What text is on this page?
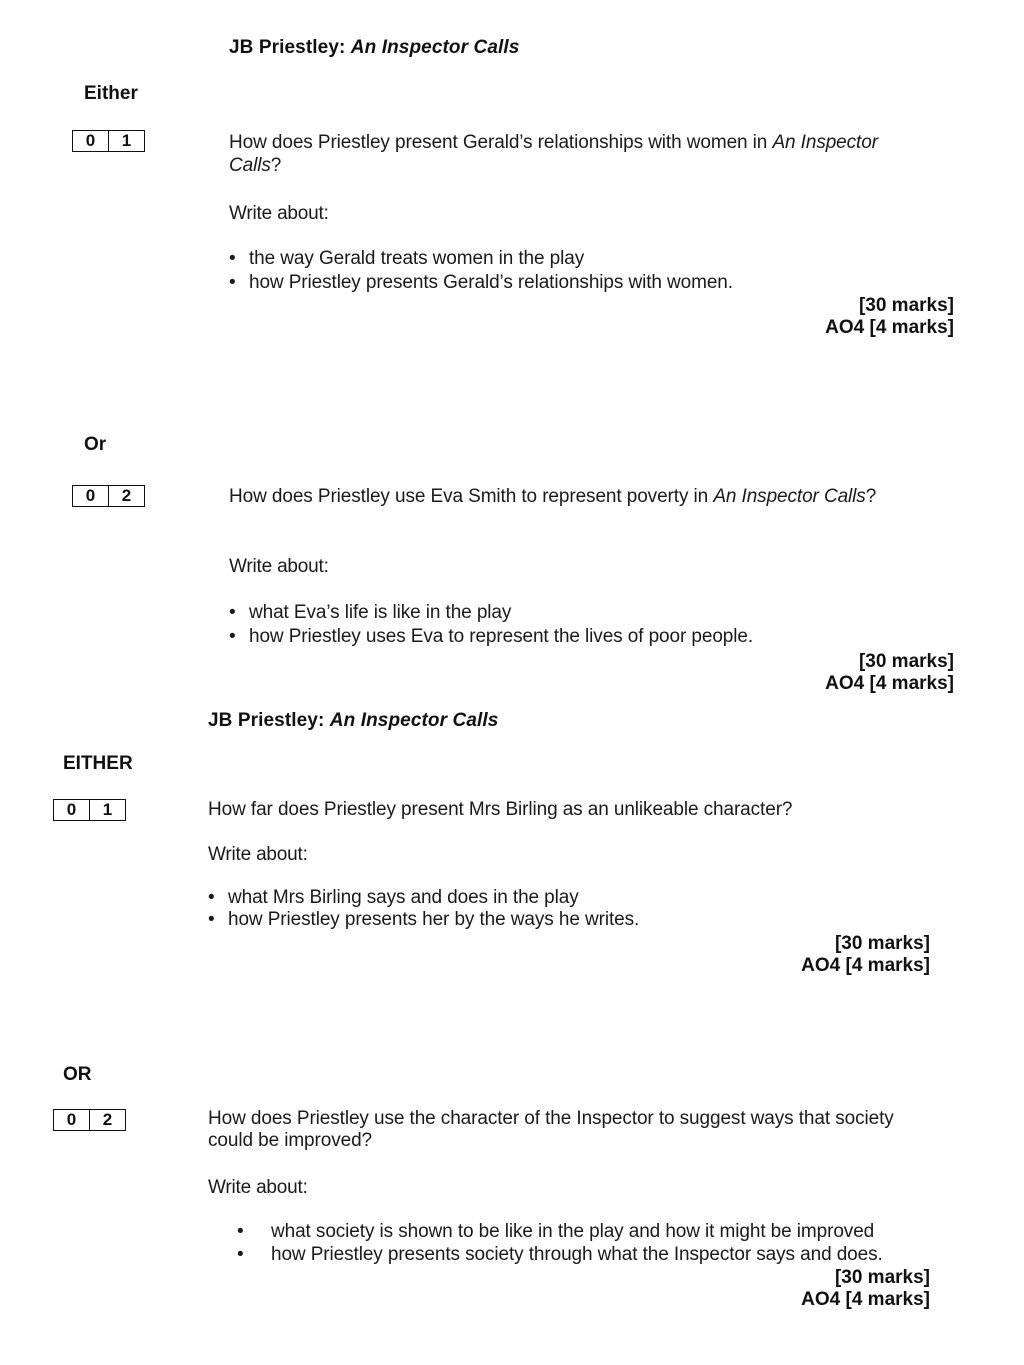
JB Priestley: An Inspector Calls
Either
0	1	How does Priestley present Gerald’s relationships with women in An Inspector Calls?
Write about:
• the way Gerald treats women in the play
• how Priestley presents Gerald’s relationships with women.
[30 marks]
AO4 [4 marks]
Or
0	2	How does Priestley use Eva Smith to represent poverty in An Inspector Calls?
Write about:
• what Eva’s life is like in the play
• how Priestley uses Eva to represent the lives of poor people.
[30 marks]
AO4 [4 marks]
JB Priestley: An Inspector Calls
EITHER
0	1	How far does Priestley present Mrs Birling as an unlikeable character?
Write about:
• what Mrs Birling says and does in the play
• how Priestley presents her by the ways he writes.
[30 marks]
AO4 [4 marks]
OR
0	2	How does Priestley use the character of the Inspector to suggest ways that society could be improved?
Write about:
• what society is shown to be like in the play and how it might be improved
• how Priestley presents society through what the Inspector says and does.
[30 marks]
AO4 [4 marks]
